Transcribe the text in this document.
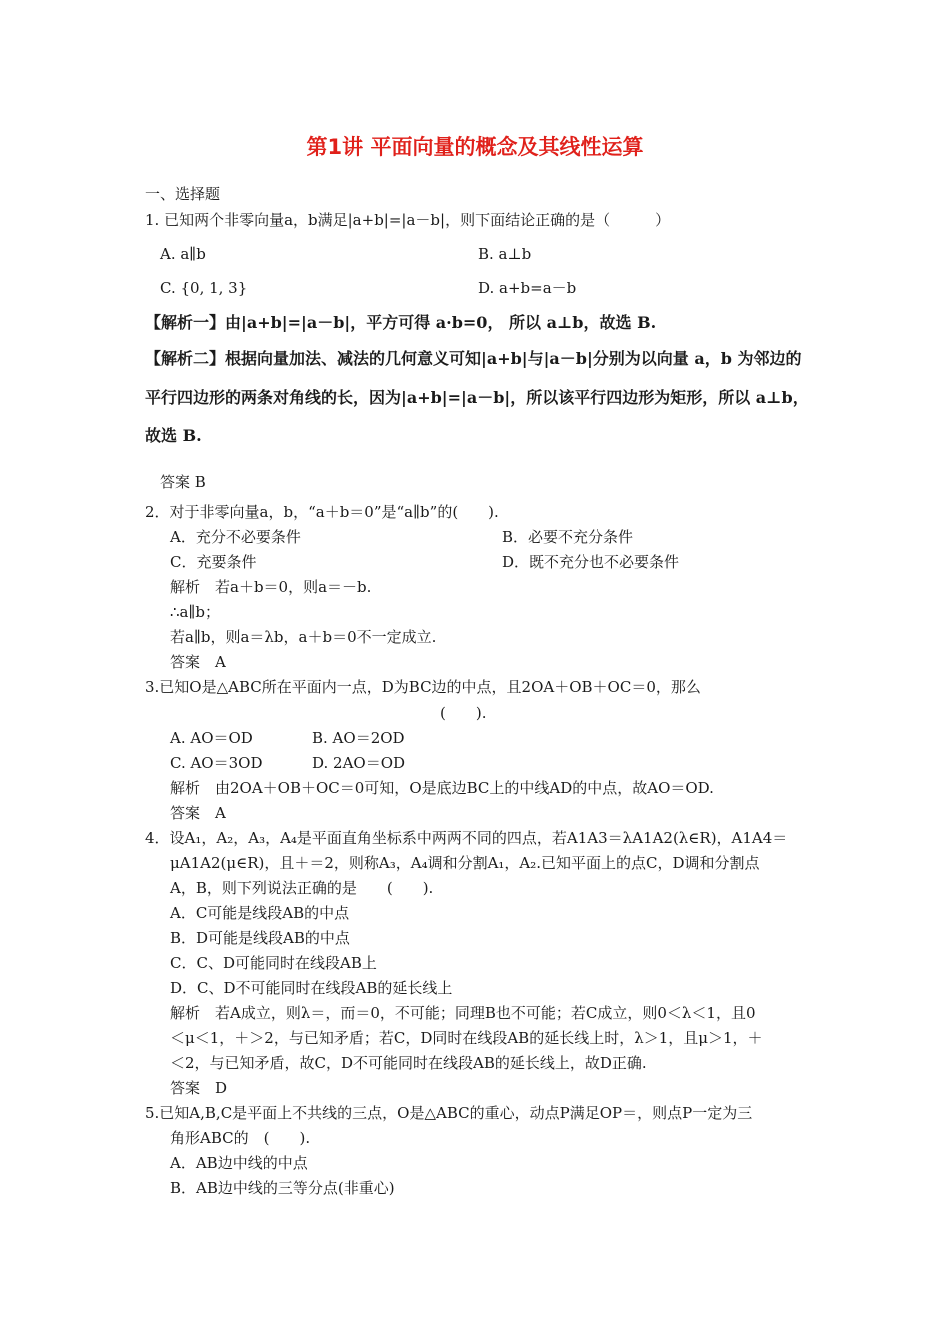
第1讲 平面向量的概念及其线性运算
一、选择题
1. 已知两个非零向量a，b满足|a+b|=|a－b|，则下面结论正确的是（　　　）
A. a∥b	B. a⊥b
C. {0, 1, 3}	D. a+b=a－b
【解析一】由|a+b|=|a－b|，平方可得 a·b=0， 所以 a⊥b，故选 B.
【解析二】根据向量加法、减法的几何意义可知|a+b|与|a－b|分别为以向量 a，b 为邻边的
平行四边形的两条对角线的长，因为|a+b|=|a－b|，所以该平行四边形为矩形，所以 a⊥b，
故选 B.
答案 B
2．对于非零向量a，b，“a＋b＝0”是“a∥b”的(　　).
A．充分不必要条件	B．必要不充分条件
C．充要条件	D．既不充分也不必要条件
解析　若a＋b＝0，则a＝－b.
∴a∥b；
若a∥b，则a＝λb，a＋b＝0不一定成立.
答案　A
3.已知O是△ABC所在平面内一点，D为BC边的中点，且2OA＋OB＋OC＝0，那么
(　　).
A. AO＝OD	B. AO＝2OD
C. AO＝3OD	D. 2AO＝OD
解析　由2OA＋OB＋OC＝0可知，O是底边BC上的中线AD的中点，故AO＝OD.
答案　A
4．设A₁，A₂，A₃，A₄是平面直角坐标系中两两不同的四点，若A1A3＝λA1A2(λ∈R)，A1A4＝
μA1A2(μ∈R)，且＋＝2，则称A₃，A₄调和分割A₁，A₂.已知平面上的点C，D调和分割点
A，B，则下列说法正确的是　　(　　).
A．C可能是线段AB的中点
B．D可能是线段AB的中点
C．C、D可能同时在线段AB上
D．C、D不可能同时在线段AB的延长线上
解析　若A成立，则λ＝，而＝0，不可能；同理B也不可能；若C成立，则0＜λ＜1，且0
＜μ＜1，＋＞2，与已知矛盾；若C，D同时在线段AB的延长线上时，λ＞1，且μ＞1，＋
＜2，与已知矛盾，故C，D不可能同时在线段AB的延长线上，故D正确.
答案　D
5.已知A,B,C是平面上不共线的三点，O是△ABC的重心，动点P满足OP＝，则点P一定为三
角形ABC的　(　　).
A．AB边中线的中点
B．AB边中线的三等分点(非重心)
